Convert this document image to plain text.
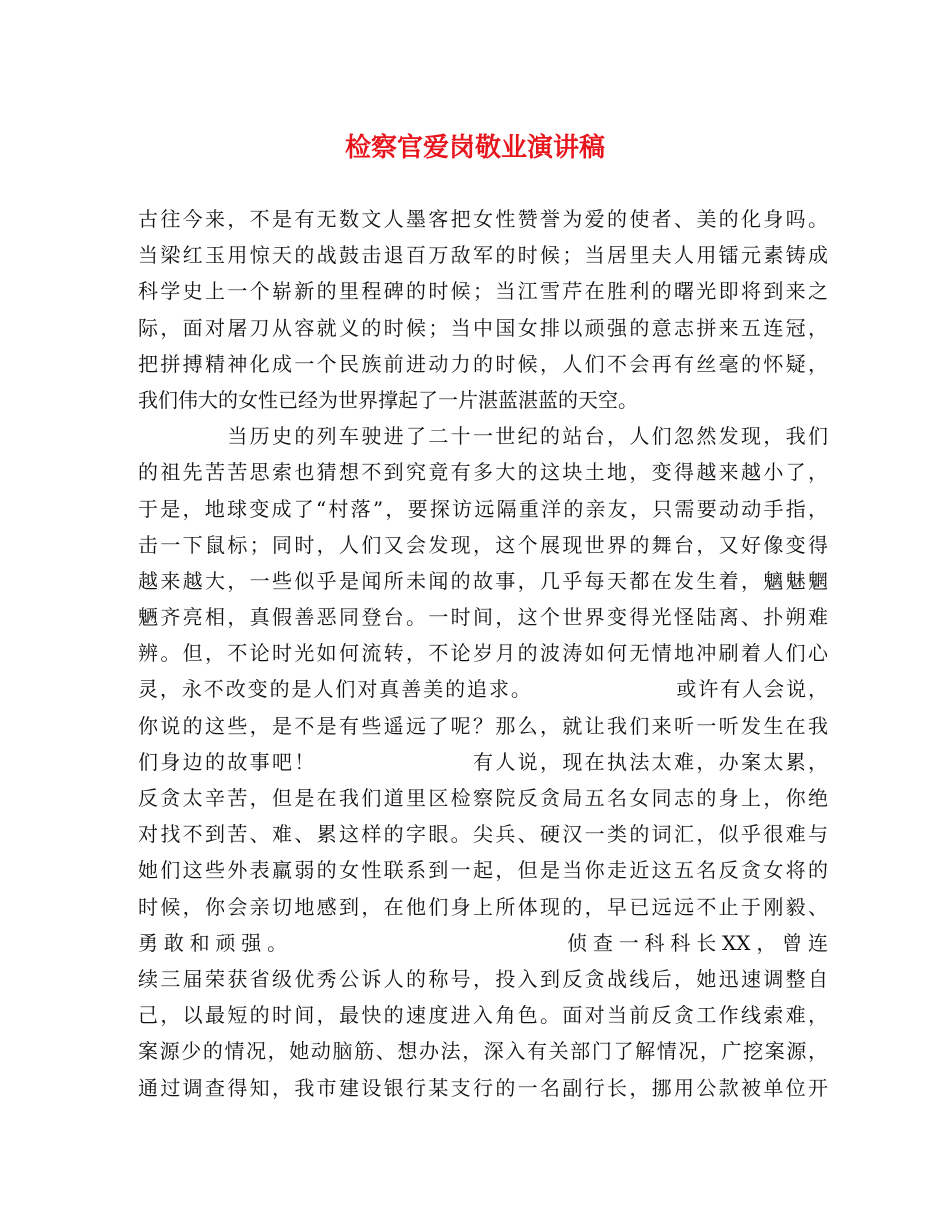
检察官爱岗敬业演讲稿
古往今来，不是有无数文人墨客把女性赞誉为爱的使者、美的化身吗。
当梁红玉用惊天的战鼓击退百万敌军的时候；当居里夫人用镭元素铸成
科学史上一个崭新的里程碑的时候；当江雪芹在胜利的曙光即将到来之
际，面对屠刀从容就义的时候；当中国女排以顽强的意志拼来五连冠，
把拼搏精神化成一个民族前进动力的时候，人们不会再有丝毫的怀疑，
我们伟大的女性已经为世界撑起了一片湛蓝湛蓝的天空。
　　　　当历史的列车驶进了二十一世纪的站台，人们忽然发现，我们
的祖先苦苦思索也猜想不到究竟有多大的这块土地，变得越来越小了，
于是，地球变成了“村落”，要探访远隔重洋的亲友，只需要动动手指，
击一下鼠标；同时，人们又会发现，这个展现世界的舞台，又好像变得
越来越大，一些似乎是闻所未闻的故事，几乎每天都在发生着，魑魅魍
魉齐亮相，真假善恶同登台。一时间，这个世界变得光怪陆离、扑朔难
辨。但，不论时光如何流转，不论岁月的波涛如何无情地冲刷着人们心
灵，永不改变的是人们对真善美的追求。　　　　　　　或许有人会说，
你说的这些，是不是有些遥远了呢？那么，就让我们来听一听发生在我
们身边的故事吧！　　　　　　　有人说，现在执法太难，办案太累，
反贪太辛苦，但是在我们道里区检察院反贪局五名女同志的身上，你绝
对找不到苦、难、累这样的字眼。尖兵、硬汉一类的词汇，似乎很难与
她们这些外表羸弱的女性联系到一起，但是当你走近这五名反贪女将的
时候，你会亲切地感到，在他们身上所体现的，早已远远不止于刚毅、
勇敢和顽强。　　　　　　　　　　　侦查一科科长XX，曾连
续三届荣获省级优秀公诉人的称号，投入到反贪战线后，她迅速调整自
己，以最短的时间，最快的速度进入角色。面对当前反贪工作线索难，
案源少的情况，她动脑筋、想办法，深入有关部门了解情况，广挖案源，
通过调查得知，我市建设银行某支行的一名副行长，挪用公款被单位开
